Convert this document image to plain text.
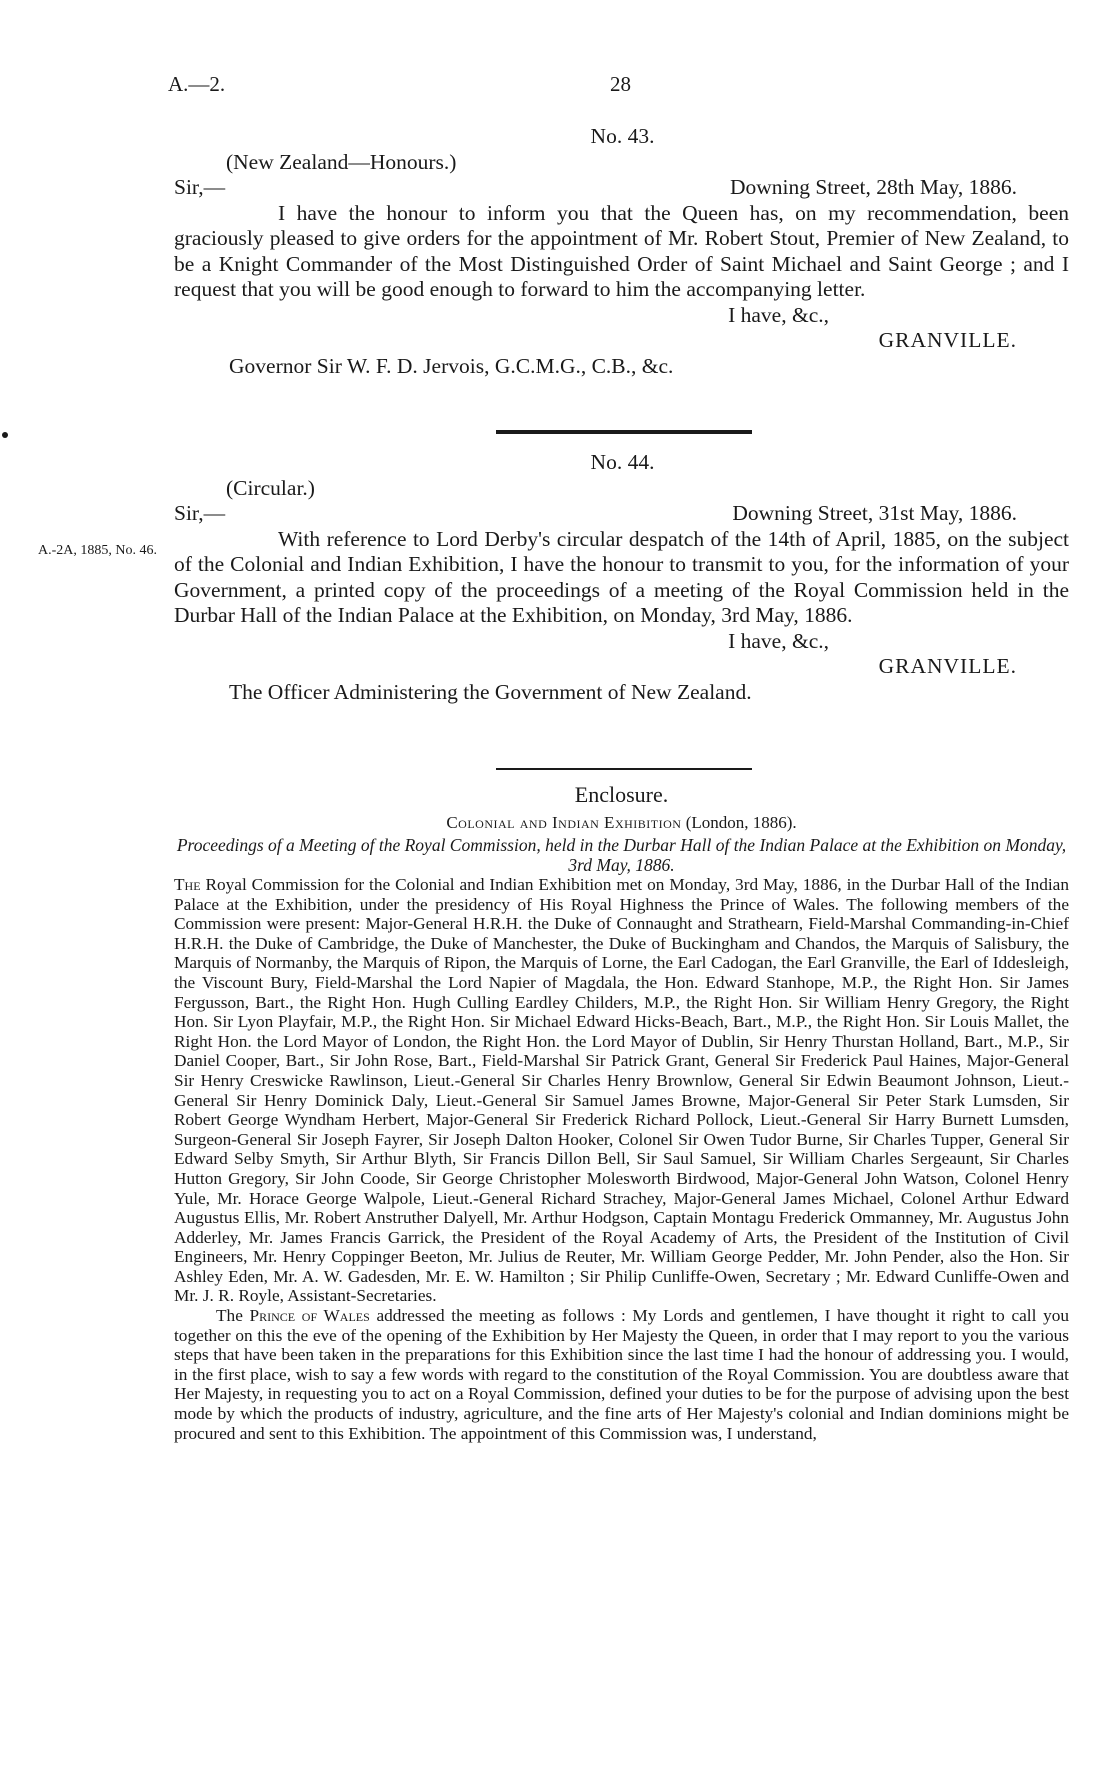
A.—2.	28
No. 43.
(New Zealand—Honours.)
Sir,—	Downing Street, 28th May, 1886.
I have the honour to inform you that the Queen has, on my recommendation, been graciously pleased to give orders for the appointment of Mr. Robert Stout, Premier of New Zealand, to be a Knight Commander of the Most Distinguished Order of Saint Michael and Saint George ; and I request that you will be good enough to forward to him the accompanying letter.
I have, &c.,
GRANVILLE.
Governor Sir W. F. D. Jervois, G.C.M.G., C.B., &c.
No. 44.
(Circular.)
Sir,—	Downing Street, 31st May, 1886.
With reference to Lord Derby's circular despatch of the 14th of April, 1885, on the subject of the Colonial and Indian Exhibition, I have the honour to transmit to you, for the information of your Government, a printed copy of the proceedings of a meeting of the Royal Commission held in the Durbar Hall of the Indian Palace at the Exhibition, on Monday, 3rd May, 1886.
I have, &c.,
GRANVILLE.
The Officer Administering the Government of New Zealand.
A.-2A, 1885, No. 46.
Enclosure.
Colonial and Indian Exhibition (London, 1886).
Proceedings of a Meeting of the Royal Commission, held in the Durbar Hall of the Indian Palace at the Exhibition on Monday, 3rd May, 1886.
The Royal Commission for the Colonial and Indian Exhibition met on Monday, 3rd May, 1886, in the Durbar Hall of the Indian Palace at the Exhibition, under the presidency of His Royal Highness the Prince of Wales. The following members of the Commission were present: Major-General H.R.H. the Duke of Connaught and Strathearn, Field-Marshal Commanding-in-Chief H.R.H. the Duke of Cambridge, the Duke of Manchester, the Duke of Buckingham and Chandos, the Marquis of Salisbury, the Marquis of Normanby, the Marquis of Ripon, the Marquis of Lorne, the Earl Cadogan, the Earl Granville, the Earl of Iddesleigh, the Viscount Bury, Field-Marshal the Lord Napier of Magdala, the Hon. Edward Stanhope, M.P., the Right Hon. Sir James Fergusson, Bart., the Right Hon. Hugh Culling Eardley Childers, M.P., the Right Hon. Sir William Henry Gregory, the Right Hon. Sir Lyon Playfair, M.P., the Right Hon. Sir Michael Edward Hicks-Beach, Bart., M.P., the Right Hon. Sir Louis Mallet, the Right Hon. the Lord Mayor of London, the Right Hon. the Lord Mayor of Dublin, Sir Henry Thurstan Holland, Bart., M.P., Sir Daniel Cooper, Bart., Sir John Rose, Bart., Field-Marshal Sir Patrick Grant, General Sir Frederick Paul Haines, Major-General Sir Henry Creswicke Rawlinson, Lieut.-General Sir Charles Henry Brownlow, General Sir Edwin Beaumont Johnson, Lieut.-General Sir Henry Dominick Daly, Lieut.-General Sir Samuel James Browne, Major-General Sir Peter Stark Lumsden, Sir Robert George Wyndham Herbert, Major-General Sir Frederick Richard Pollock, Lieut.-General Sir Harry Burnett Lumsden, Surgeon-General Sir Joseph Fayrer, Sir Joseph Dalton Hooker, Colonel Sir Owen Tudor Burne, Sir Charles Tupper, General Sir Edward Selby Smyth, Sir Arthur Blyth, Sir Francis Dillon Bell, Sir Saul Samuel, Sir William Charles Sergeaunt, Sir Charles Hutton Gregory, Sir John Coode, Sir George Christopher Molesworth Birdwood, Major-General John Watson, Colonel Henry Yule, Mr. Horace George Walpole, Lieut.-General Richard Strachey, Major-General James Michael, Colonel Arthur Edward Augustus Ellis, Mr. Robert Anstruther Dalyell, Mr. Arthur Hodgson, Captain Montagu Frederick Ommanney, Mr. Augustus John Adderley, Mr. James Francis Garrick, the President of the Royal Academy of Arts, the President of the Institution of Civil Engineers, Mr. Henry Coppinger Beeton, Mr. Julius de Reuter, Mr. William George Pedder, Mr. John Pender, also the Hon. Sir Ashley Eden, Mr. A. W. Gadesden, Mr. E. W. Hamilton ; Sir Philip Cunliffe-Owen, Secretary ; Mr. Edward Cunliffe-Owen and Mr. J. R. Royle, Assistant-Secretaries.
The Prince of Wales addressed the meeting as follows : My Lords and gentlemen, I have thought it right to call you together on this the eve of the opening of the Exhibition by Her Majesty the Queen, in order that I may report to you the various steps that have been taken in the preparations for this Exhibition since the last time I had the honour of addressing you. I would, in the first place, wish to say a few words with regard to the constitution of the Royal Commission. You are doubtless aware that Her Majesty, in requesting you to act on a Royal Commission, defined your duties to be for the purpose of advising upon the best mode by which the products of industry, agriculture, and the fine arts of Her Majesty's colonial and Indian dominions might be procured and sent to this Exhibition. The appointment of this Commission was, I understand,
